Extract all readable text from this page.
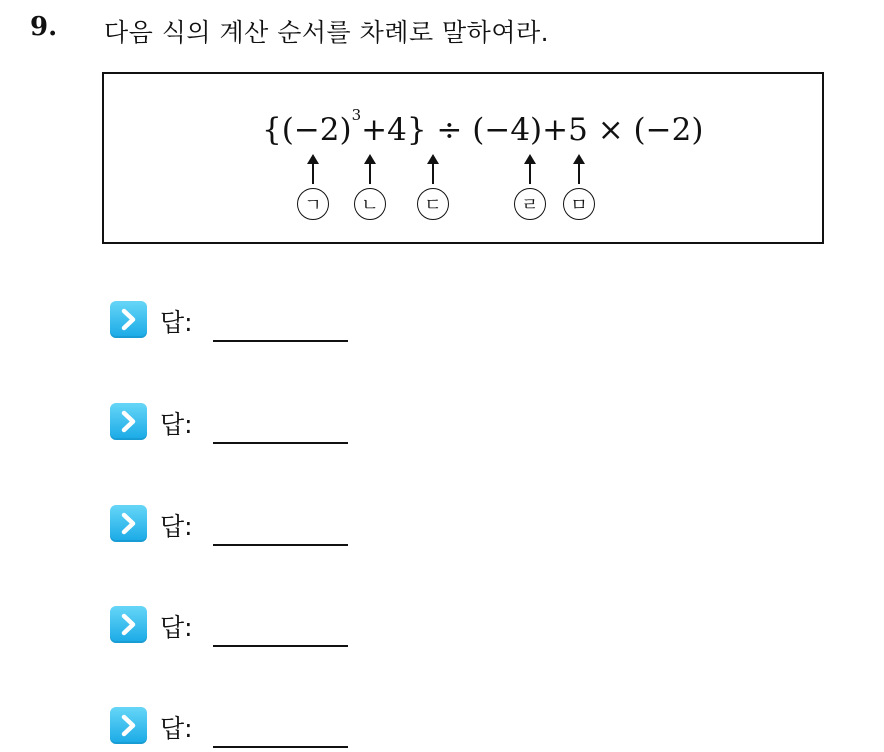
9. 다음 식의 계산 순서를 차례로 말하여라.
$\{(-2)^3+4\} \div (-4)+5 \times (-2)$
ㄱ	ㄴ	ㄷ	ㄹ	ㅁ
답:
답:
답:
답:
답:
